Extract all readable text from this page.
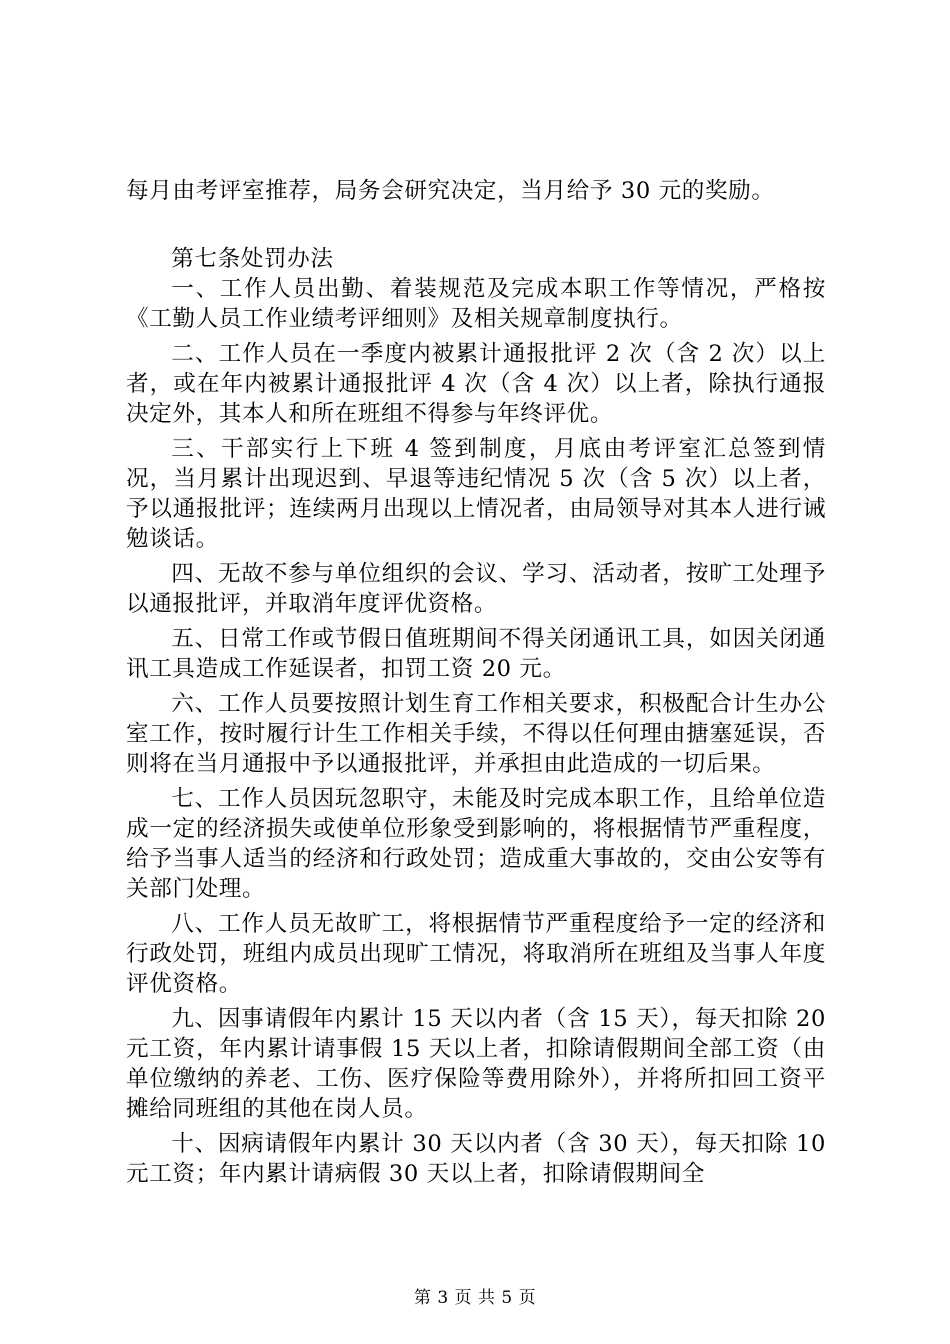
每月由考评室推荐，局务会研究决定，当月给予 30 元的奖励。

第七条处罚办法

一、工作人员出勤、着装规范及完成本职工作等情况，严格按《工勤人员工作业绩考评细则》及相关规章制度执行。

二、工作人员在一季度内被累计通报批评 2 次（含 2 次）以上者，或在年内被累计通报批评 4 次（含 4 次）以上者，除执行通报决定外，其本人和所在班组不得参与年终评优。

三、干部实行上下班 4 签到制度，月底由考评室汇总签到情况，当月累计出现迟到、早退等违纪情况 5 次（含 5 次）以上者，予以通报批评；连续两月出现以上情况者，由局领导对其本人进行诫勉谈话。

四、无故不参与单位组织的会议、学习、活动者，按旷工处理予以通报批评，并取消年度评优资格。

五、日常工作或节假日值班期间不得关闭通讯工具，如因关闭通讯工具造成工作延误者，扣罚工资 20 元。

六、工作人员要按照计划生育工作相关要求，积极配合计生办公室工作，按时履行计生工作相关手续，不得以任何理由搪塞延误，否则将在当月通报中予以通报批评，并承担由此造成的一切后果。

七、工作人员因玩忽职守，未能及时完成本职工作，且给单位造成一定的经济损失或使单位形象受到影响的，将根据情节严重程度，给予当事人适当的经济和行政处罚；造成重大事故的，交由公安等有关部门处理。

八、工作人员无故旷工，将根据情节严重程度给予一定的经济和行政处罚，班组内成员出现旷工情况，将取消所在班组及当事人年度评优资格。

九、因事请假年内累计 15 天以内者（含 15 天），每天扣除 20 元工资，年内累计请事假 15 天以上者，扣除请假期间全部工资（由单位缴纳的养老、工伤、医疗保险等费用除外），并将所扣回工资平摊给同班组的其他在岗人员。

十、因病请假年内累计 30 天以内者（含 30 天），每天扣除 10 元工资；年内累计请病假 30 天以上者，扣除请假期间全

第 3 页 共 5 页
